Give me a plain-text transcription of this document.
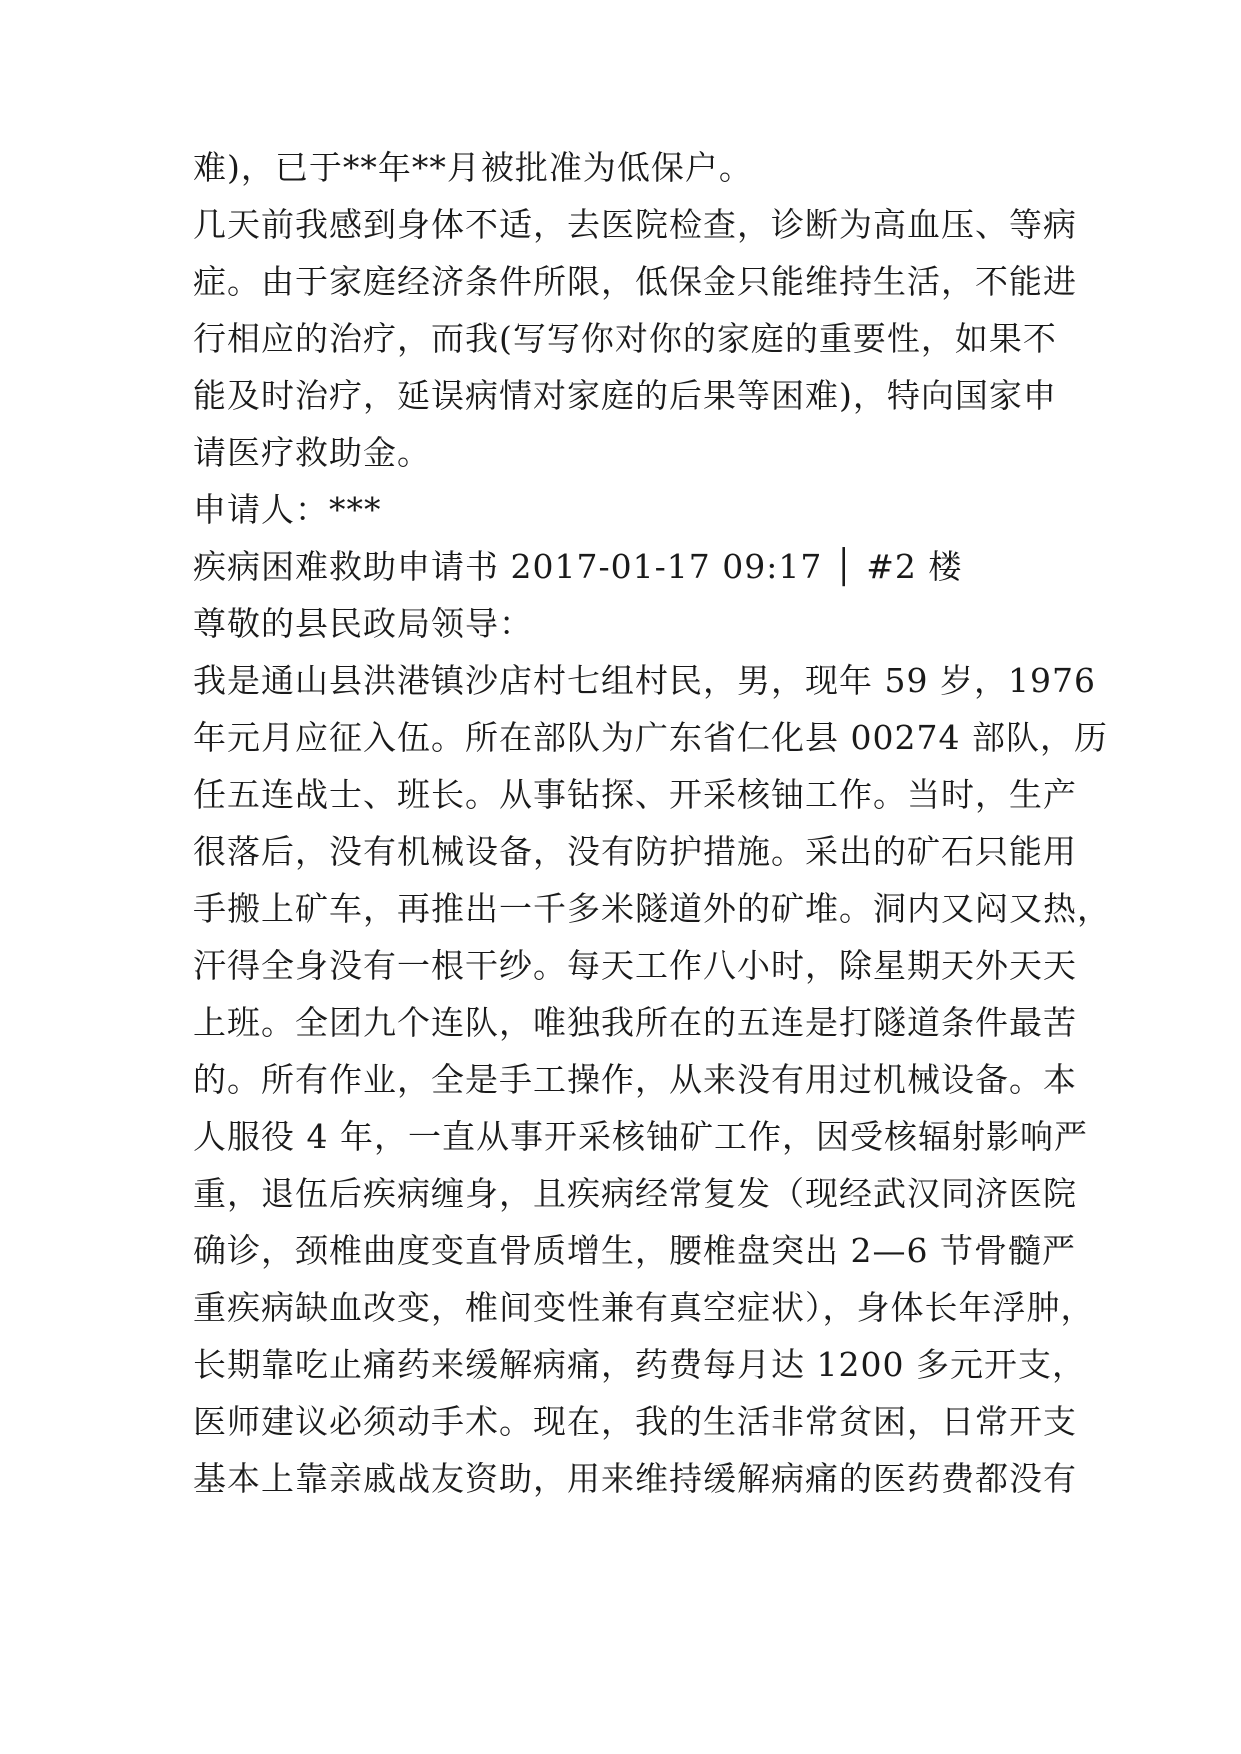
难)，已于**年**月被批准为低保户。
几天前我感到身体不适，去医院检查，诊断为高血压、等病
症。由于家庭经济条件所限，低保金只能维持生活，不能进
行相应的治疗，而我(写写你对你的家庭的重要性，如果不
能及时治疗，延误病情对家庭的后果等困难)，特向国家申
请医疗救助金。
申请人：***
疾病困难救助申请书 2017-01-17 09:17 │ #2 楼
尊敬的县民政局领导：
我是通山县洪港镇沙店村七组村民，男，现年 59 岁，1976
年元月应征入伍。所在部队为广东省仁化县 00274 部队，历
任五连战士、班长。从事钻探、开采核铀工作。当时，生产
很落后，没有机械设备，没有防护措施。采出的矿石只能用
手搬上矿车，再推出一千多米隧道外的矿堆。洞内又闷又热，
汗得全身没有一根干纱。每天工作八小时，除星期天外天天
上班。全团九个连队，唯独我所在的五连是打隧道条件最苦
的。所有作业，全是手工操作，从来没有用过机械设备。本
人服役 4 年，一直从事开采核铀矿工作，因受核辐射影响严
重，退伍后疾病缠身，且疾病经常复发（现经武汉同济医院
确诊，颈椎曲度变直骨质增生，腰椎盘突出 2—6 节骨髓严
重疾病缺血改变，椎间变性兼有真空症状），身体长年浮肿，
长期靠吃止痛药来缓解病痛，药费每月达 1200 多元开支，
医师建议必须动手术。现在，我的生活非常贫困，日常开支
基本上靠亲戚战友资助，用来维持缓解病痛的医药费都没有
